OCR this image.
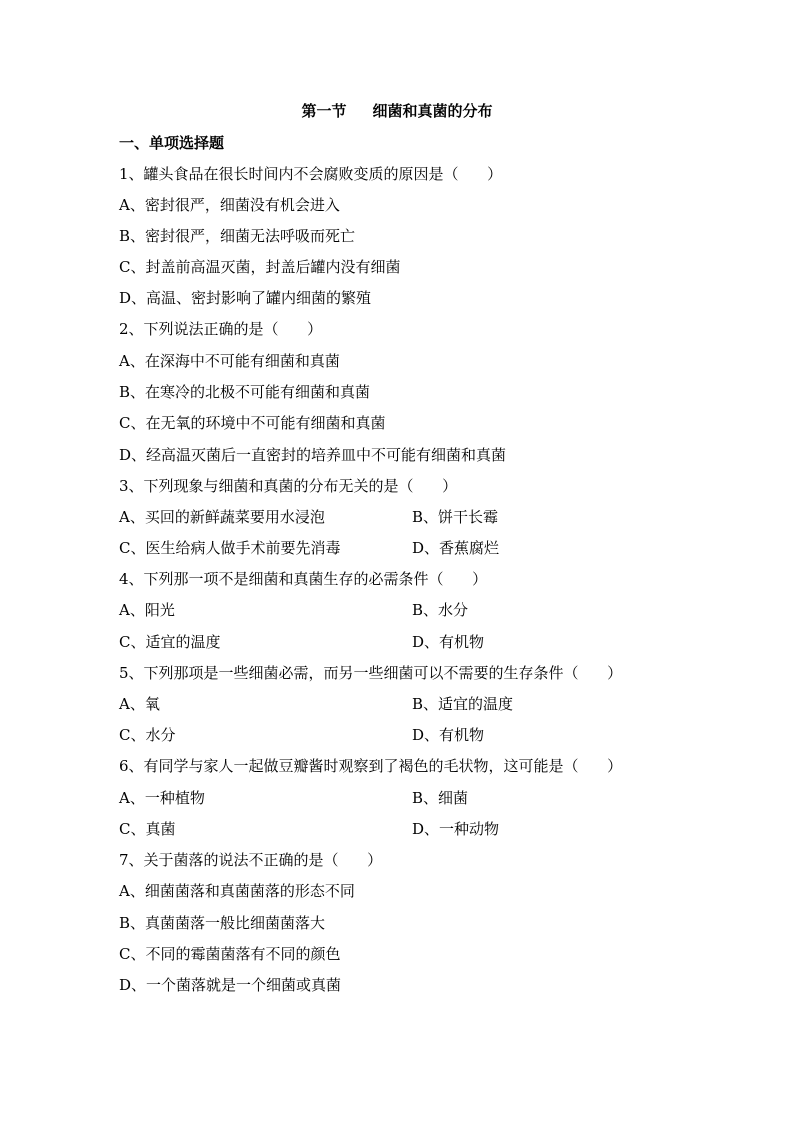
第一节     细菌和真菌的分布
一、单项选择题
1、罐头食品在很长时间内不会腐败变质的原因是（      ）
A、密封很严，细菌没有机会进入
B、密封很严，细菌无法呼吸而死亡
C、封盖前高温灭菌，封盖后罐内没有细菌
D、高温、密封影响了罐内细菌的繁殖
2、下列说法正确的是（      ）
A、在深海中不可能有细菌和真菌
B、在寒冷的北极不可能有细菌和真菌
C、在无氧的环境中不可能有细菌和真菌
D、经高温灭菌后一直密封的培养皿中不可能有细菌和真菌
3、下列现象与细菌和真菌的分布无关的是（      ）
A、买回的新鲜蔬菜要用水浸泡	B、饼干长霉
C、医生给病人做手术前要先消毒	D、香蕉腐烂
4、下列那一项不是细菌和真菌生存的必需条件（      ）
A、阳光	B、水分
C、适宜的温度	D、有机物
5、下列那项是一些细菌必需，而另一些细菌可以不需要的生存条件（      ）
A、氧	B、适宜的温度
C、水分	D、有机物
6、有同学与家人一起做豆瓣酱时观察到了褐色的毛状物，这可能是（      ）
A、一种植物	B、细菌
C、真菌	D、一种动物
7、关于菌落的说法不正确的是（      ）
A、细菌菌落和真菌菌落的形态不同
B、真菌菌落一般比细菌菌落大
C、不同的霉菌菌落有不同的颜色
D、一个菌落就是一个细菌或真菌
